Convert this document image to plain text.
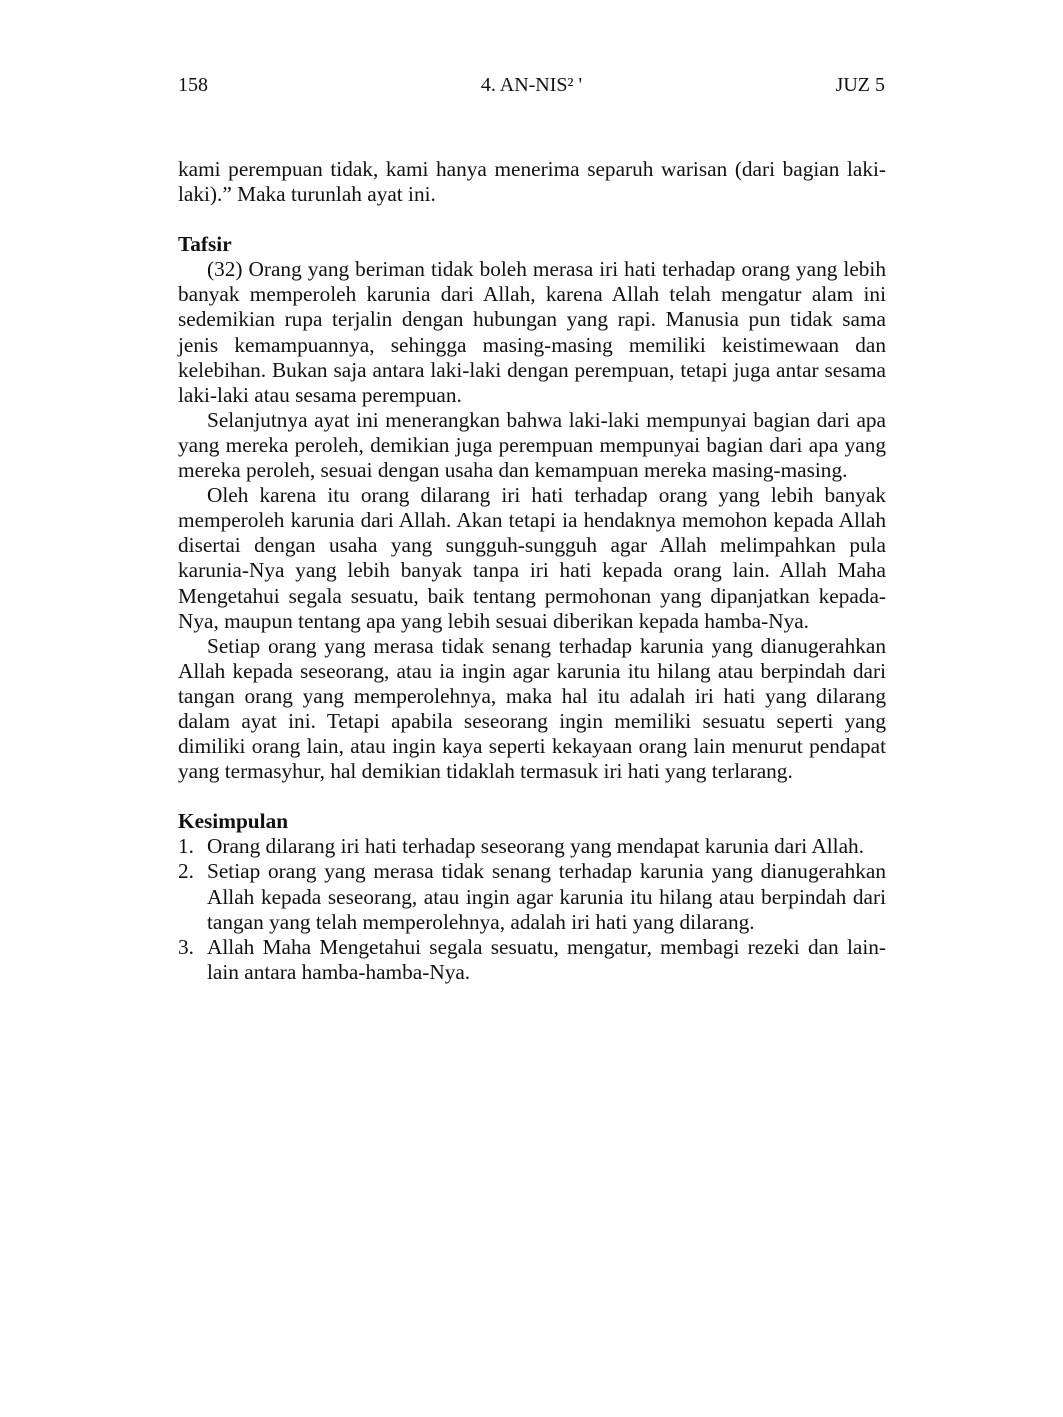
158	4. AN-NIS² '	JUZ 5

kami perempuan tidak, kami hanya menerima separuh warisan (dari bagian laki-laki).” Maka turunlah ayat ini.

Tafsir

(32) Orang yang beriman tidak boleh merasa iri hati terhadap orang yang lebih banyak memperoleh karunia dari Allah, karena Allah telah mengatur alam ini sedemikian rupa terjalin dengan hubungan yang rapi. Manusia pun tidak sama jenis kemampuannya, sehingga masing-masing memiliki keistimewaan dan kelebihan. Bukan saja antara laki-laki dengan perempuan, tetapi juga antar sesama laki-laki atau sesama perempuan.

Selanjutnya ayat ini menerangkan bahwa laki-laki mempunyai bagian dari apa yang mereka peroleh, demikian juga perempuan mempunyai bagian dari apa yang mereka peroleh, sesuai dengan usaha dan kemampuan mereka masing-masing.

Oleh karena itu orang dilarang iri hati terhadap orang yang lebih banyak memperoleh karunia dari Allah. Akan tetapi ia hendaknya memohon kepada Allah disertai dengan usaha yang sungguh-sungguh agar Allah melimpahkan pula karunia-Nya yang lebih banyak tanpa iri hati kepada orang lain. Allah Maha Mengetahui segala sesuatu, baik tentang permohonan yang dipanjatkan kepada-Nya, maupun tentang apa yang lebih sesuai diberikan kepada hamba-Nya.

Setiap orang yang merasa tidak senang terhadap karunia yang dianugerahkan Allah kepada seseorang, atau ia ingin agar karunia itu hilang atau berpindah dari tangan orang yang memperolehnya, maka hal itu adalah iri hati yang dilarang dalam ayat ini. Tetapi apabila seseorang ingin memiliki sesuatu seperti yang dimiliki orang lain, atau ingin kaya seperti kekayaan orang lain menurut pendapat yang termasyhur, hal demikian tidaklah termasuk iri hati yang terlarang.

Kesimpulan
1. Orang dilarang iri hati terhadap seseorang yang mendapat karunia dari Allah.
2. Setiap orang yang merasa tidak senang terhadap karunia yang dianugerahkan Allah kepada seseorang, atau ingin agar karunia itu hilang atau berpindah dari tangan yang telah memperolehnya, adalah iri hati yang dilarang.
3. Allah Maha Mengetahui segala sesuatu, mengatur, membagi rezeki dan lain-lain antara hamba-hamba-Nya.
